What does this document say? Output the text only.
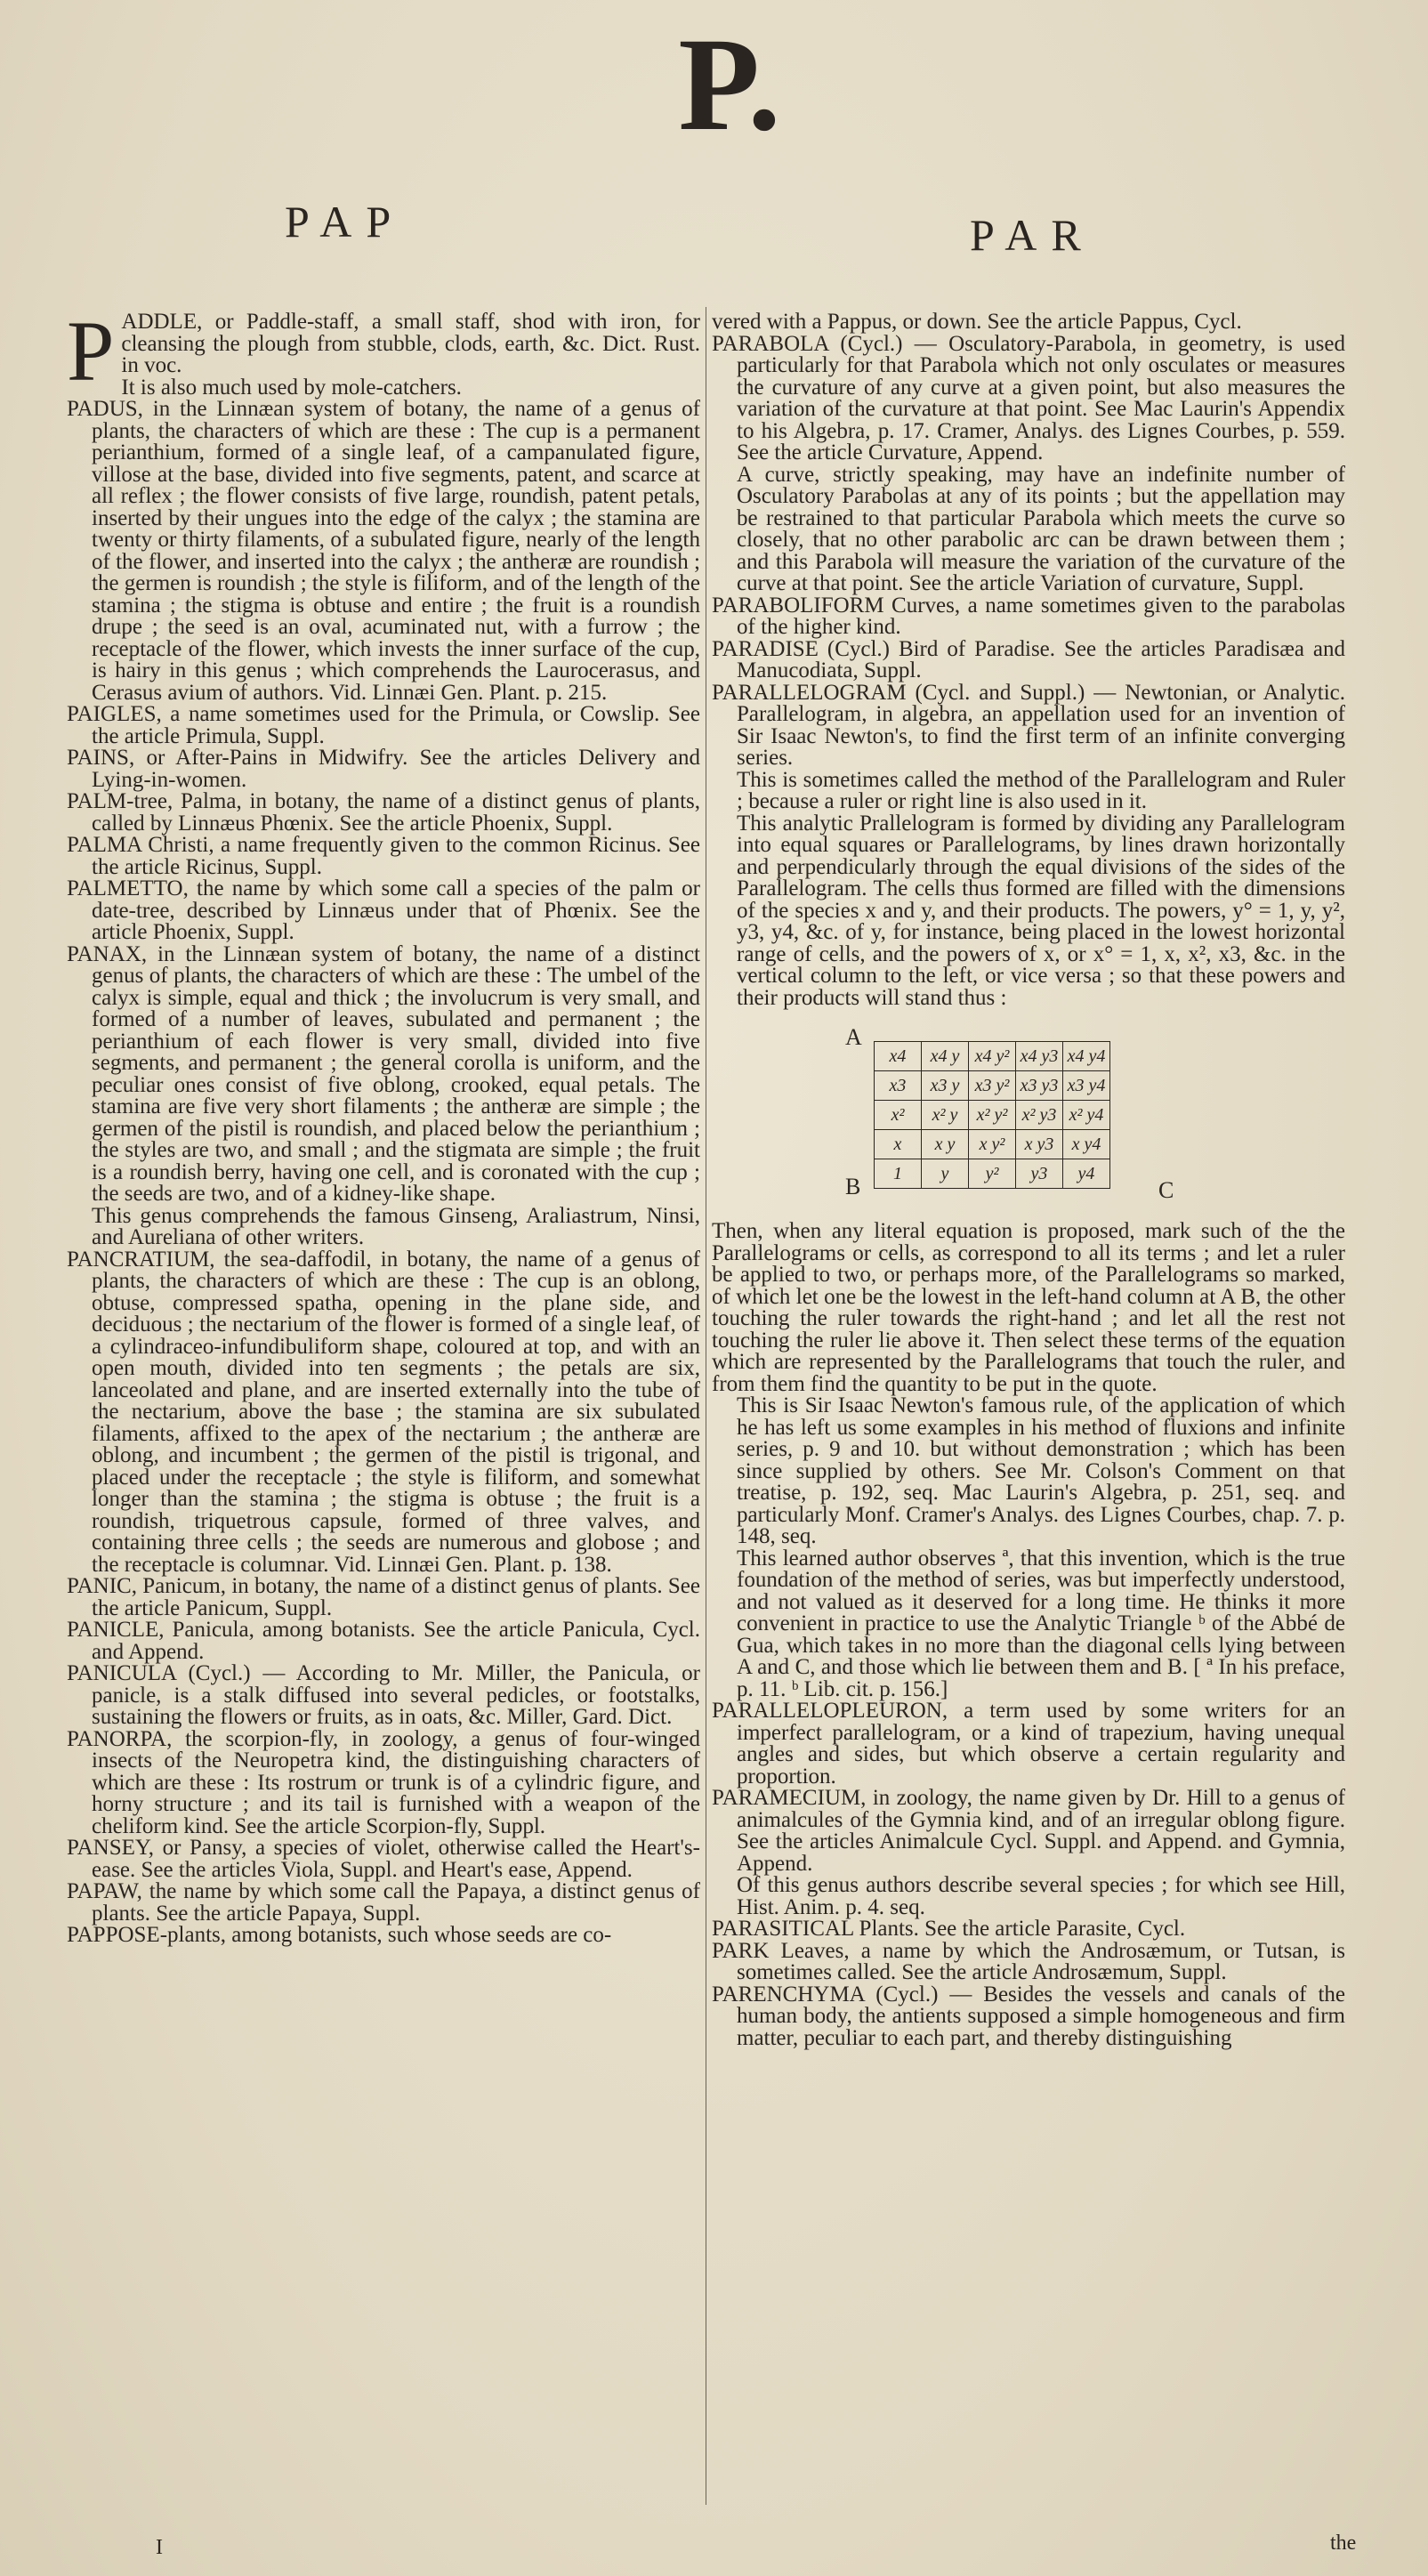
P.
PAP	PAR

PADDLE, or Paddle-staff, a small staff, shod with iron, for cleansing the plough from stubble, clods, earth, &c. Dict. Rust. in voc.

It is also much used by mole-catchers.

PADUS, in the Linnæan system of botany, the name of a genus of plants, the characters of which are these : The cup is a permanent perianthium, formed of a single leaf, of a campanulated figure, villose at the base, divided into five segments, patent, and scarce at all reflex ; the flower consists of five large, roundish, patent petals, inserted by their ungues into the edge of the calyx ; the stamina are twenty or thirty filaments, of a subulated figure, nearly of the length of the flower, and inserted into the calyx ; the antheræ are roundish ; the germen is roundish ; the style is filiform, and of the length of the stamina ; the stigma is obtuse and entire ; the fruit is a roundish drupe ; the seed is an oval, acuminated nut, with a furrow ; the receptacle of the flower, which invests the inner surface of the cup, is hairy in this genus ; which comprehends the Laurocerasus, and Cerasus avium of authors. Vid. Linnæi Gen. Plant. p. 215.

PAIGLES, a name sometimes used for the Primula, or Cowslip. See the article Primula, Suppl.

PAINS, or After-Pains in Midwifry. See the articles Delivery and Lying-in-women.

PALM-tree, Palma, in botany, the name of a distinct genus of plants, called by Linnæus Phœnix. See the article Phoenix, Suppl.

PALMA Christi, a name frequently given to the common Ricinus. See the article Ricinus, Suppl.

PALMETTO, the name by which some call a species of the palm or date-tree, described by Linnæus under that of Phœnix. See the article Phoenix, Suppl.

PANAX, in the Linnæan system of botany, the name of a distinct genus of plants, the characters of which are these : The umbel of the calyx is simple, equal and thick ; the involucrum is very small, and formed of a number of leaves, subulated and permanent ; the perianthium of each flower is very small, divided into five segments, and permanent ; the general corolla is uniform, and the peculiar ones consist of five oblong, crooked, equal petals. The stamina are five very short filaments ; the antheræ are simple ; the germen of the pistil is roundish, and placed below the perianthium ; the styles are two, and small ; and the stigmata are simple ; the fruit is a roundish berry, having one cell, and is coronated with the cup ; the seeds are two, and of a kidney-like shape.

This genus comprehends the famous Ginseng, Araliastrum, Ninsi, and Aureliana of other writers.

PANCRATIUM, the sea-daffodil, in botany, the name of a genus of plants, the characters of which are these : The cup is an oblong, obtuse, compressed spatha, opening in the plane side, and deciduous ; the nectarium of the flower is formed of a single leaf, of a cylindraceo-infundibuliform shape, coloured at top, and with an open mouth, divided into ten segments ; the petals are six, lanceolated and plane, and are inserted externally into the tube of the nectarium, above the base ; the stamina are six subulated filaments, affixed to the apex of the nectarium ; the antheræ are oblong, and incumbent ; the germen of the pistil is trigonal, and placed under the receptacle ; the style is filiform, and somewhat longer than the stamina ; the stigma is obtuse ; the fruit is a roundish, triquetrous capsule, formed of three valves, and containing three cells ; the seeds are numerous and globose ; and the receptacle is columnar. Vid. Linnæi Gen. Plant. p. 138.

PANIC, Panicum, in botany, the name of a distinct genus of plants. See the article Panicum, Suppl.

PANICLE, Panicula, among botanists. See the article Panicula, Cycl. and Append.

PANICULA (Cycl.) — According to Mr. Miller, the Panicula, or panicle, is a stalk diffused into several pedicles, or footstalks, sustaining the flowers or fruits, as in oats, &c. Miller, Gard. Dict.

PANORPA, the scorpion-fly, in zoology, a genus of four-winged insects of the Neuropetra kind, the distinguishing characters of which are these : Its rostrum or trunk is of a cylindric figure, and horny structure ; and its tail is furnished with a weapon of the cheliform kind. See the article Scorpion-fly, Suppl.

PANSEY, or Pansy, a species of violet, otherwise called the Heart's-ease. See the articles Viola, Suppl. and Heart's ease, Append.

PAPAW, the name by which some call the Papaya, a distinct genus of plants. See the article Papaya, Suppl.

PAPPOSE-plants, among botanists, such whose seeds are co-

vered with a Pappus, or down. See the article Pappus, Cycl.

PARABOLA (Cycl.) — Osculatory-Parabola, in geometry, is used particularly for that Parabola which not only osculates or measures the curvature of any curve at a given point, but also measures the variation of the curvature at that point. See Mac Laurin's Appendix to his Algebra, p. 17. Cramer, Analys. des Lignes Courbes, p. 559. See the article Curvature, Append.

A curve, strictly speaking, may have an indefinite number of Osculatory Parabolas at any of its points ; but the appellation may be restrained to that particular Parabola which meets the curve so closely, that no other parabolic arc can be drawn between them ; and this Parabola will measure the variation of the curvature of the curve at that point. See the article Variation of curvature, Suppl.

PARABOLIFORM Curves, a name sometimes given to the parabolas of the higher kind.

PARADISE (Cycl.) Bird of Paradise. See the articles Paradisæa and Manucodiata, Suppl.

PARALLELOGRAM (Cycl. and Suppl.) — Newtonian, or Analytic. Parallelogram, in algebra, an appellation used for an invention of Sir Isaac Newton's, to find the first term of an infinite converging series.

This is sometimes called the method of the Parallelogram and Ruler ; because a ruler or right line is also used in it.

This analytic Prallelogram is formed by dividing any Parallelogram into equal squares or Parallelograms, by lines drawn horizontally and perpendicularly through the equal divisions of the sides of the Parallelogram. The cells thus formed are filled with the dimensions of the species x and y, and their products. The powers, y° = 1, y, y², y3, y4, &c. of y, for instance, being placed in the lowest horizontal range of cells, and the powers of x, or x° = 1, x, x², x3, &c. in the vertical column to the left, or vice versa ; so that these powers and their products will stand thus :

A
B	C
x4	x4 y	x4 y²	x4 y3	x4 y4
x3	x3 y	x3 y²	x3 y3	x3 y4
x²	x² y	x² y²	x² y3	x² y4
x	x y	x y²	x y3	x y4
1	y	y²	y3	y4

Then, when any literal equation is proposed, mark such of the the Parallelograms or cells, as correspond to all its terms ; and let a ruler be applied to two, or perhaps more, of the Parallelograms so marked, of which let one be the lowest in the left-hand column at A B, the other touching the ruler towards the right-hand ; and let all the rest not touching the ruler lie above it. Then select these terms of the equation which are represented by the Parallelograms that touch the ruler, and from them find the quantity to be put in the quote.

This is Sir Isaac Newton's famous rule, of the application of which he has left us some examples in his method of fluxions and infinite series, p. 9 and 10. but without demonstration ; which has been since supplied by others. See Mr. Colson's Comment on that treatise, p. 192, seq. Mac Laurin's Algebra, p. 251, seq. and particularly Monf. Cramer's Analys. des Lignes Courbes, chap. 7. p. 148, seq.

This learned author observes ª, that this invention, which is the true foundation of the method of series, was but imperfectly understood, and not valued as it deserved for a long time. He thinks it more convenient in practice to use the Analytic Triangle ᵇ of the Abbé de Gua, which takes in no more than the diagonal cells lying between A and C, and those which lie between them and B. [ ª In his preface, p. 11. ᵇ Lib. cit. p. 156.]

PARALLELOPLEURON, a term used by some writers for an imperfect parallelogram, or a kind of trapezium, having unequal angles and sides, but which observe a certain regularity and proportion.

PARAMECIUM, in zoology, the name given by Dr. Hill to a genus of animalcules of the Gymnia kind, and of an irregular oblong figure. See the articles Animalcule Cycl. Suppl. and Append. and Gymnia, Append.

Of this genus authors describe several species ; for which see Hill, Hist. Anim. p. 4. seq.

PARASITICAL Plants. See the article Parasite, Cycl.

PARK Leaves, a name by which the Androsæmum, or Tutsan, is sometimes called. See the article Androsæmum, Suppl.

PARENCHYMA (Cycl.) — Besides the vessels and canals of the human body, the antients supposed a simple homogeneous and firm matter, peculiar to each part, and thereby distinguishing

I	the
